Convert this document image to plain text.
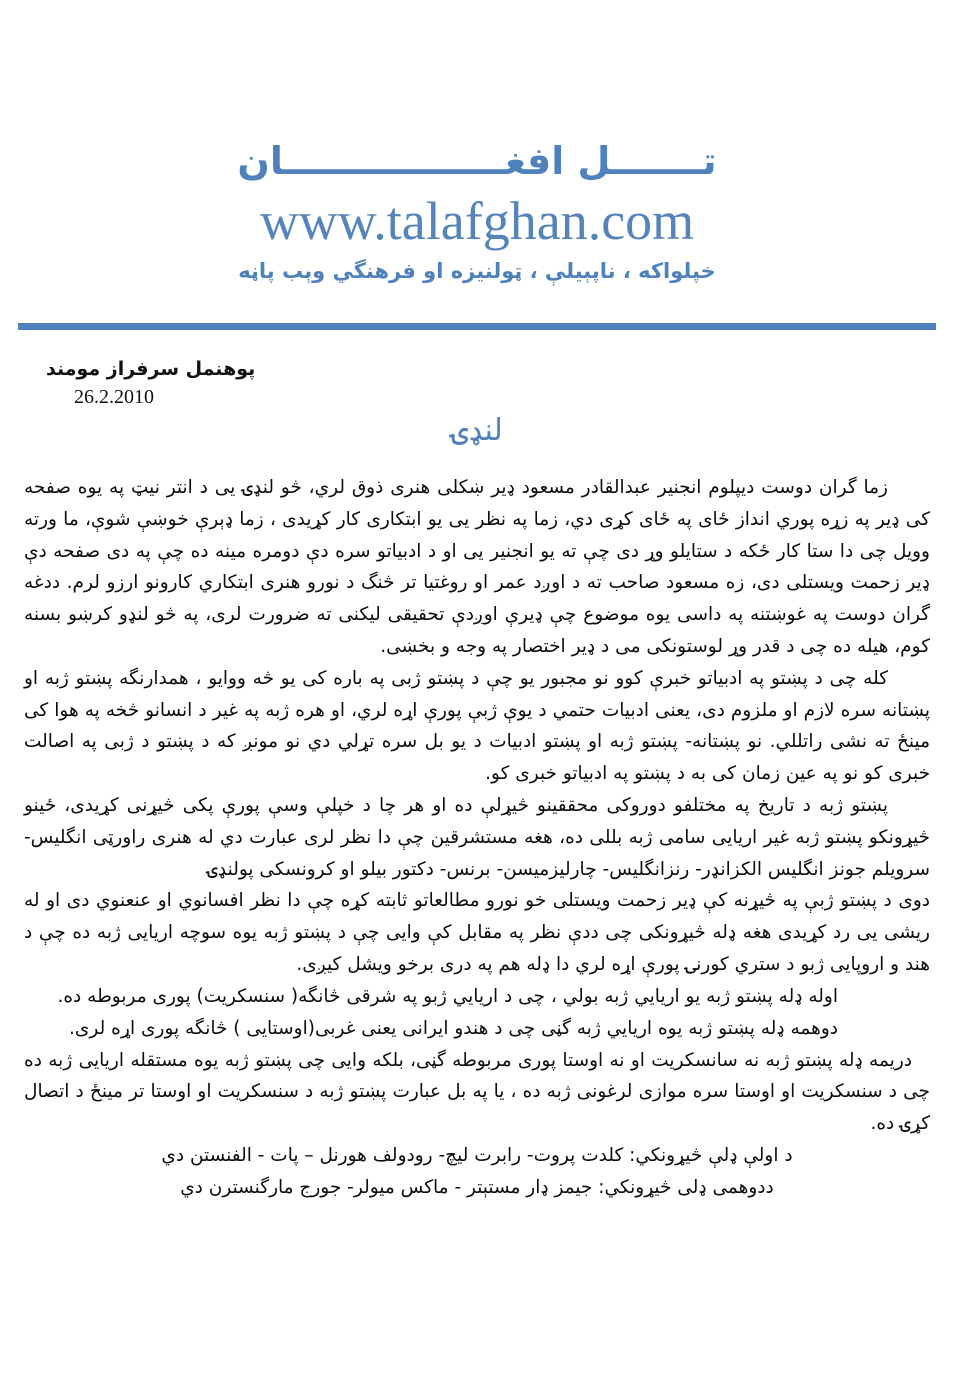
تـــــــل افغـــــــــــــــــان
www.talafghan.com
خپلواکه ، ناپېيلې ، ټولنيزه او فرهنگي وېب پاڼه
پوهنمل سرفراز مومند
26.2.2010
لنډۍ

زما گران دوست ديپلوم انجنير عبدالقادر مسعود ډير ښکلی هنری ذوق لري، څو لنډۍ يی د انتر نيټ په يوه صفحه کی ډير په زړه پوري انداز ځای په ځای کړی دي، زما په نظر يی يو ابتکاری کار کړيدی ، زما ډېرې خوښې شوې، ما ورته وويل چی دا ستا کار ځکه د ستايلو وړ دی چې ته يو انجنير يی او د ادبياتو سره دې دومره مينه ده چې په دی صفحه دې ډير زحمت ويستلی دی، زه مسعود صاحب ته د اوږد عمر او روغتيا تر څنگ د نورو هنری ابتکاري کارونو ارزو لرم. ددغه گران دوست په غوښتنه په داسی يوه موضوع چې ډيرې اوږدې تحقيقی ليکنی ته ضرورت لری، په څو لنډو کرښو بسنه کوم، هيله ده چی د قدر وړ لوستونکی می د ډير اختصار په وجه و بخښی.

کله چی د پښتو په ادبياتو خبرې کوو نو مجبور يو چې د پښتو ژبی په باره کی يو څه ووايو ، همدارنگه پښتو ژبه او پښتانه سره لازم او ملزوم دی، يعنی ادبيات حتمي د يوې ژبې پورې اړه لري، او هره ژبه په غير د انسانو څخه په هوا کی مينځ ته نشی راتللي. نو پښتانه- پښتو ژبه او پښتو ادبيات د يو بل سره تړلي دي نو مونږ که د پښتو د ژبی په اصالت خبری کو نو په عين زمان کی به د پښتو په ادبياتو خبری کو.

پښتو ژبه د تاريخ په مختلفو دوروکی محققينو څيړلې ده او هر چا د خپلې وسې پورې پکی څيړنی کړيدی، ځينو څيړونکو پښتو ژبه غير اريايی سامی ژبه بللی ده، هغه مستشرقين چې دا نظر لری عبارت دي له هنری راورټی انگليس- سرويلم جونز انگليس الکزانډر- رنزانگليس- چارليزميسن- برنس- دکتور بيلو او کرونسکی پولنډۍ

دوی د پښتو ژبې په څيړنه کې ډير زحمت ويستلی خو نورو مطالعاتو ثابته کړه چې دا نظر افسانوي او عنعنوي دی او له ريشی يی رد کړيدی هغه ډله څيړونکی چی ددې نظر په مقابل کې وايی چې د پښتو ژبه يوه سوچه اريايی ژبه ده چې د هند و اروپايی ژبو د ستري کورنۍ پورې اړه لري دا ډله هم په دری برخو ويشل کيږی.

اوله ډله پښتو ژبه يو اريايي ژبه بولي ، چی د اريايي ژبو په شرقی څانگه( سنسکريت) پوری مربوطه ده.

دوهمه ډله پښتو ژبه يوه اريايي ژبه گڼی چی د هندو ايرانی يعنی غربی(اوستايی ) څانگه پوری اړه لری.

دريمه ډله پښتو ژبه نه سانسکريت او نه اوستا پوری مربوطه گڼی، بلکه وايی چی پښتو ژبه يوه مستقله اريايی ژبه ده چی د سنسکريت او اوستا سره موازی لرغونی ژبه ده ، يا په بل عبارت پښتو ژبه د سنسکريت او اوستا تر مينځ د اتصال کړۍ ده.

د اولې ډلې څيړونکي: کلدت پروت- رابرت ليچ- رودولف هورنل – پات - الفنستن دي

ددوهمی ډلی څيړونکي: جيمز ډار مستېتر - ماکس ميولر- جورج مارگنسترن دي
